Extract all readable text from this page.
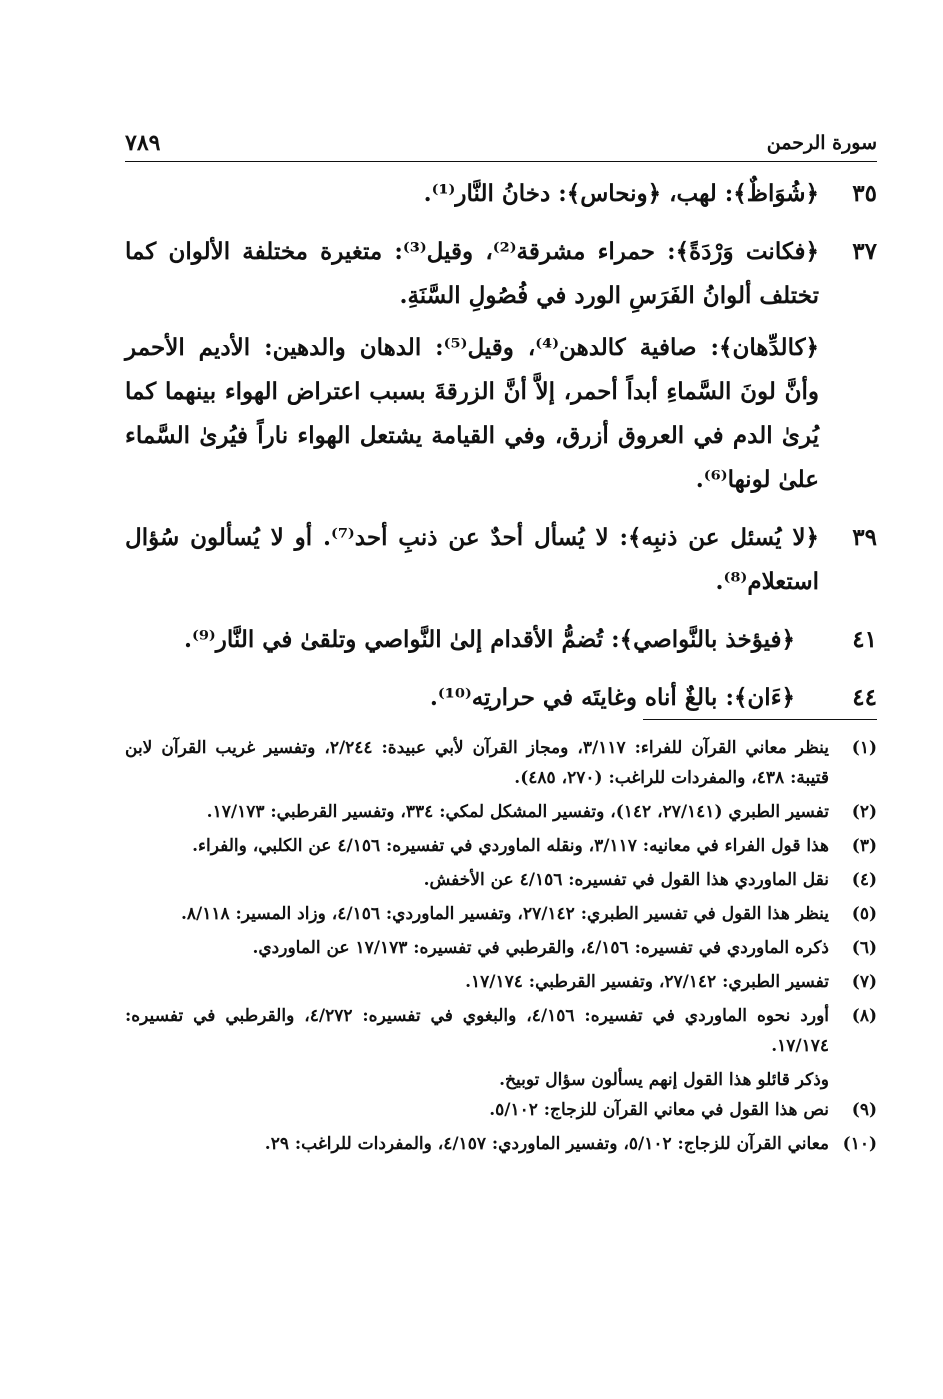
سورة الرحمن
٧٨٩
٣٥

﴿شُوَاظٌ﴾: لهب، ﴿ونحاس﴾: دخانُ النَّار⁽¹⁾.

٣٧

﴿فكانت وَرْدَةً﴾: حمراء مشرقة⁽²⁾، وقيل⁽³⁾: متغيرة مختلفة الألوان كما تختلف ألوانُ الفَرَسِ الورد في فُصُولِ السَّنَةِ.

﴿كالدِّهان﴾: صافية كالدهن⁽⁴⁾، وقيل⁽⁵⁾: الدهان والدهين: الأديم الأحمر وأنَّ لونَ السَّماءِ أبداً أحمر، إلاَّ أنَّ الزرقةَ بسبب اعتراض الهواء بينهما كما يُرىٰ الدم في العروق أزرق، وفي القيامة يشتعل الهواء ناراً فيُرىٰ السَّماء علىٰ لونها⁽⁶⁾.

٣٩

﴿لا يُسئل عن ذنبِه﴾: لا يُسأل أحدٌ عن ذنبِ أحد⁽⁷⁾. أو لا يُسألون سُؤال استعلام⁽⁸⁾.

٤١

﴿فيؤخذ بالنَّواصي﴾: تُضمُّ الأقدام إلىٰ النَّواصي وتلقىٰ في النَّار⁽⁹⁾.

٤٤

﴿ءَان﴾: بالغٌ أناه وغايتَه في حرارتِه⁽¹⁰⁾.

(١)
ينظر معاني القرآن للفراء: ٣/١١٧، ومجاز القرآن لأبي عبيدة: ٢/٢٤٤، وتفسير غريب القرآن لابن قتيبة: ٤٣٨، والمفردات للراغب: (٢٧٠، ٤٨٥).
(٢)
تفسير الطبري (٢٧/١٤١، ١٤٢)، وتفسير المشكل لمكي: ٣٣٤، وتفسير القرطبي: ١٧/١٧٣.
(٣)
هذا قول الفراء في معانيه: ٣/١١٧، ونقله الماوردي في تفسيره: ٤/١٥٦ عن الكلبي، والفراء.
(٤)
نقل الماوردي هذا القول في تفسيره: ٤/١٥٦ عن الأخفش.
(٥)
ينظر هذا القول في تفسير الطبري: ٢٧/١٤٢، وتفسير الماوردي: ٤/١٥٦، وزاد المسير: ٨/١١٨.
(٦)
ذكره الماوردي في تفسيره: ٤/١٥٦، والقرطبي في تفسيره: ١٧/١٧٣ عن الماوردي.
(٧)
تفسير الطبري: ٢٧/١٤٢، وتفسير القرطبي: ١٧/١٧٤.
(٨)
أورد نحوه الماوردي في تفسيره: ٤/١٥٦، والبغوي في تفسيره: ٤/٢٧٢، والقرطبي في تفسيره: ١٧/١٧٤.
وذكر قائلو هذا القول إنهم يسألون سؤال توبيخ.
(٩)
نص هذا القول في معاني القرآن للزجاج: ٥/١٠٢.
(١٠)
معاني القرآن للزجاج: ٥/١٠٢، وتفسير الماوردي: ٤/١٥٧، والمفردات للراغب: ٢٩.
